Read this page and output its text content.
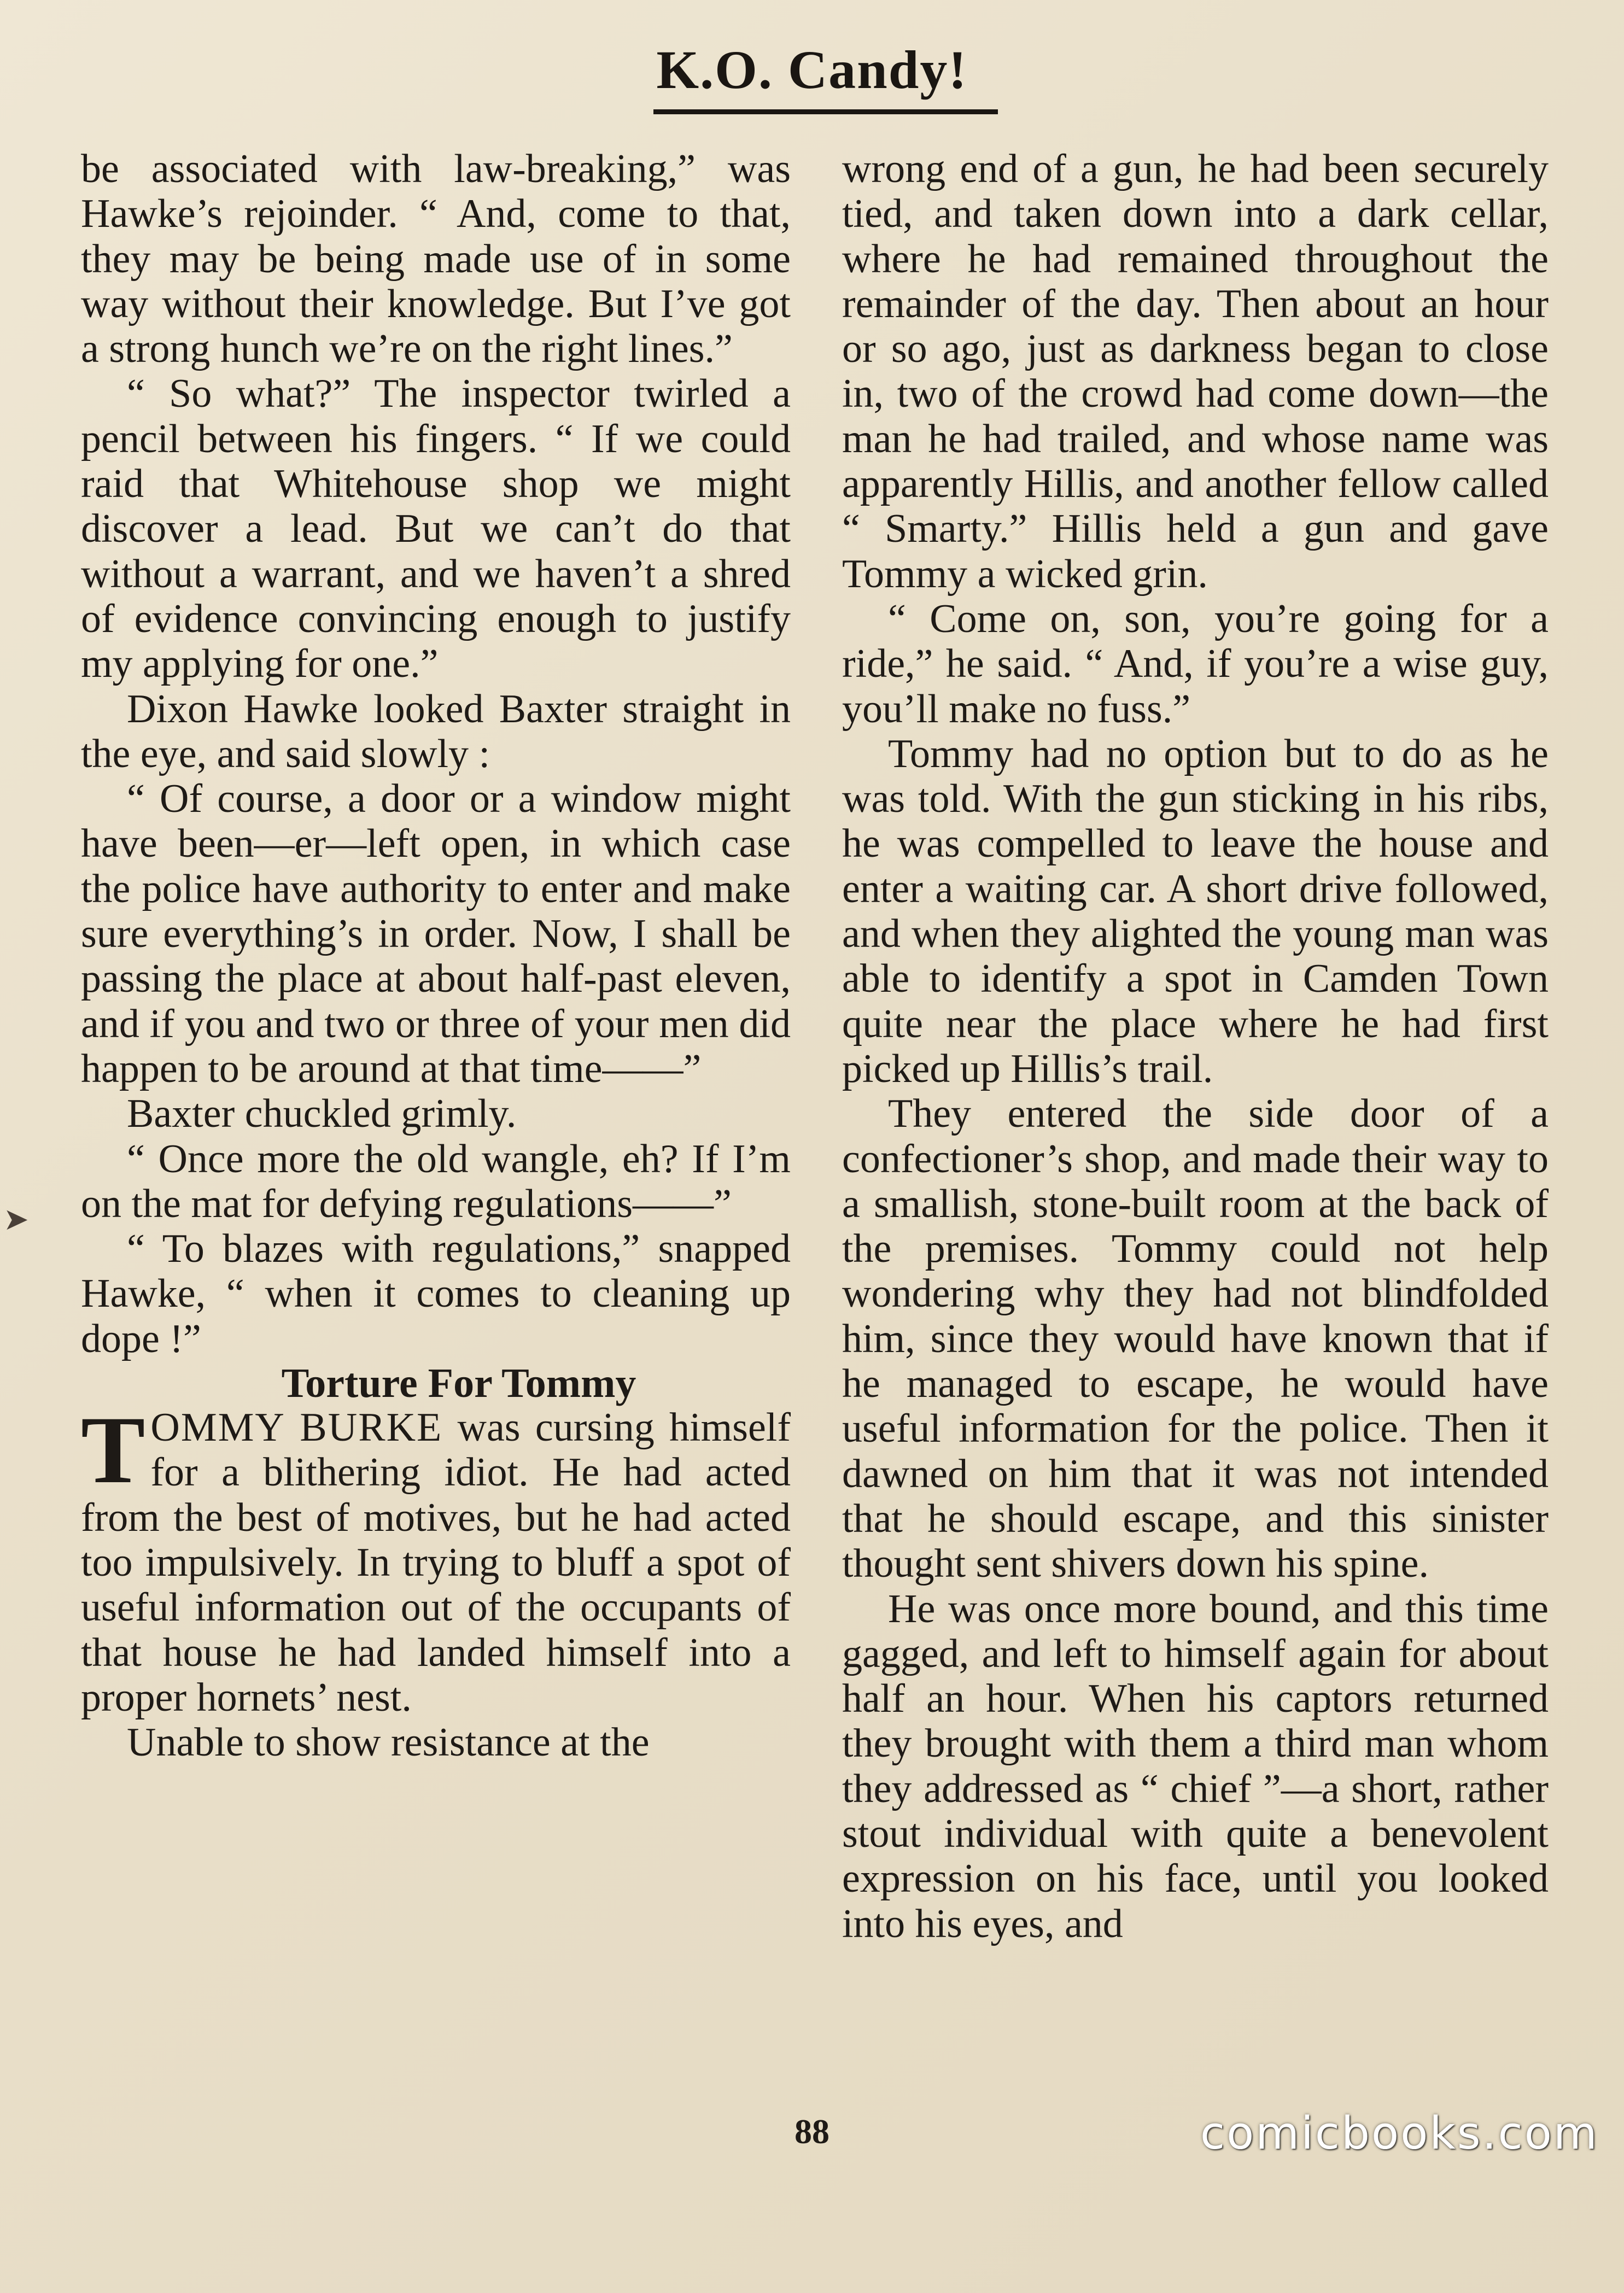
K.O. Candy!

be associated with law-breaking,” was Hawke’s rejoinder. “ And, come to that, they may be being made use of in some way without their knowledge. But I’ve got a strong hunch we’re on the right lines.”

“ So what?” The inspector twirled a pencil between his fingers. “ If we could raid that Whitehouse shop we might discover a lead. But we can’t do that without a warrant, and we haven’t a shred of evidence convincing enough to justify my applying for one.”

Dixon Hawke looked Baxter straight in the eye, and said slowly :

“ Of course, a door or a window might have been—er—left open, in which case the police have authority to enter and make sure everything’s in order. Now, I shall be passing the place at about half-past eleven, and if you and two or three of your men did happen to be around at that time——”

Baxter chuckled grimly.

“ Once more the old wangle, eh? If I’m on the mat for defying regulations——”

“ To blazes with regulations,” snapped Hawke, “ when it comes to cleaning up dope !”

Torture For Tommy

TOMMY BURKE was cursing himself for a blithering idiot. He had acted from the best of motives, but he had acted too impulsively. In trying to bluff a spot of useful information out of the occupants of that house he had landed himself into a proper hornets’ nest.

Unable to show resistance at the

wrong end of a gun, he had been securely tied, and taken down into a dark cellar, where he had remained throughout the remainder of the day. Then about an hour or so ago, just as darkness began to close in, two of the crowd had come down—the man he had trailed, and whose name was apparently Hillis, and another fellow called “ Smarty.” Hillis held a gun and gave Tommy a wicked grin.

“ Come on, son, you’re going for a ride,” he said. “ And, if you’re a wise guy, you’ll make no fuss.”

Tommy had no option but to do as he was told. With the gun sticking in his ribs, he was compelled to leave the house and enter a waiting car. A short drive followed, and when they alighted the young man was able to identify a spot in Camden Town quite near the place where he had first picked up Hillis’s trail.

They entered the side door of a confectioner’s shop, and made their way to a smallish, stone-built room at the back of the premises. Tommy could not help wondering why they had not blindfolded him, since they would have known that if he managed to escape, he would have useful information for the police. Then it dawned on him that it was not intended that he should escape, and this sinister thought sent shivers down his spine.

He was once more bound, and this time gagged, and left to himself again for about half an hour. When his captors returned they brought with them a third man whom they addressed as “ chief ”—a short, rather stout individual with quite a benevolent expression on his face, until you looked into his eyes, and

➤
88	comicbooks.com
